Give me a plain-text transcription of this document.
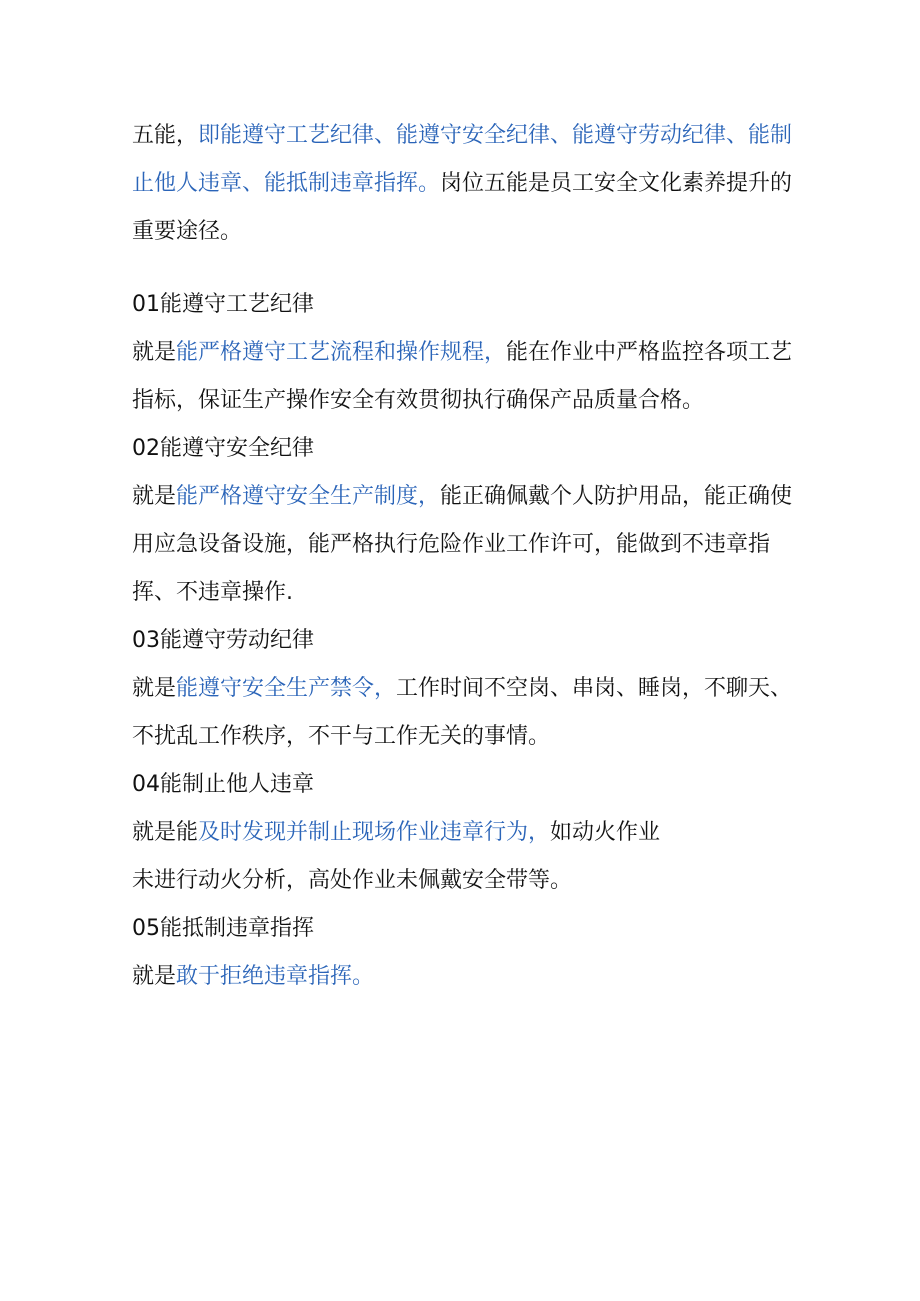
五能，即能遵守工艺纪律、能遵守安全纪律、能遵守劳动纪律、能制止他人违章、能抵制违章指挥。岗位五能是员工安全文化素养提升的重要途径。

01能遵守工艺纪律

就是能严格遵守工艺流程和操作规程，能在作业中严格监控各项工艺指标，保证生产操作安全有效贯彻执行确保产品质量合格。

02能遵守安全纪律

就是能严格遵守安全生产制度，能正确佩戴个人防护用品，能正确使用应急设备设施，能严格执行危险作业工作许可，能做到不违章指挥、不违章操作.

03能遵守劳动纪律

就是能遵守安全生产禁令，工作时间不空岗、串岗、睡岗，不聊天、不扰乱工作秩序，不干与工作无关的事情。

04能制止他人违章

就是能及时发现并制止现场作业违章行为，如动火作业

未进行动火分析，高处作业未佩戴安全带等。

05能抵制违章指挥

就是敢于拒绝违章指挥。
